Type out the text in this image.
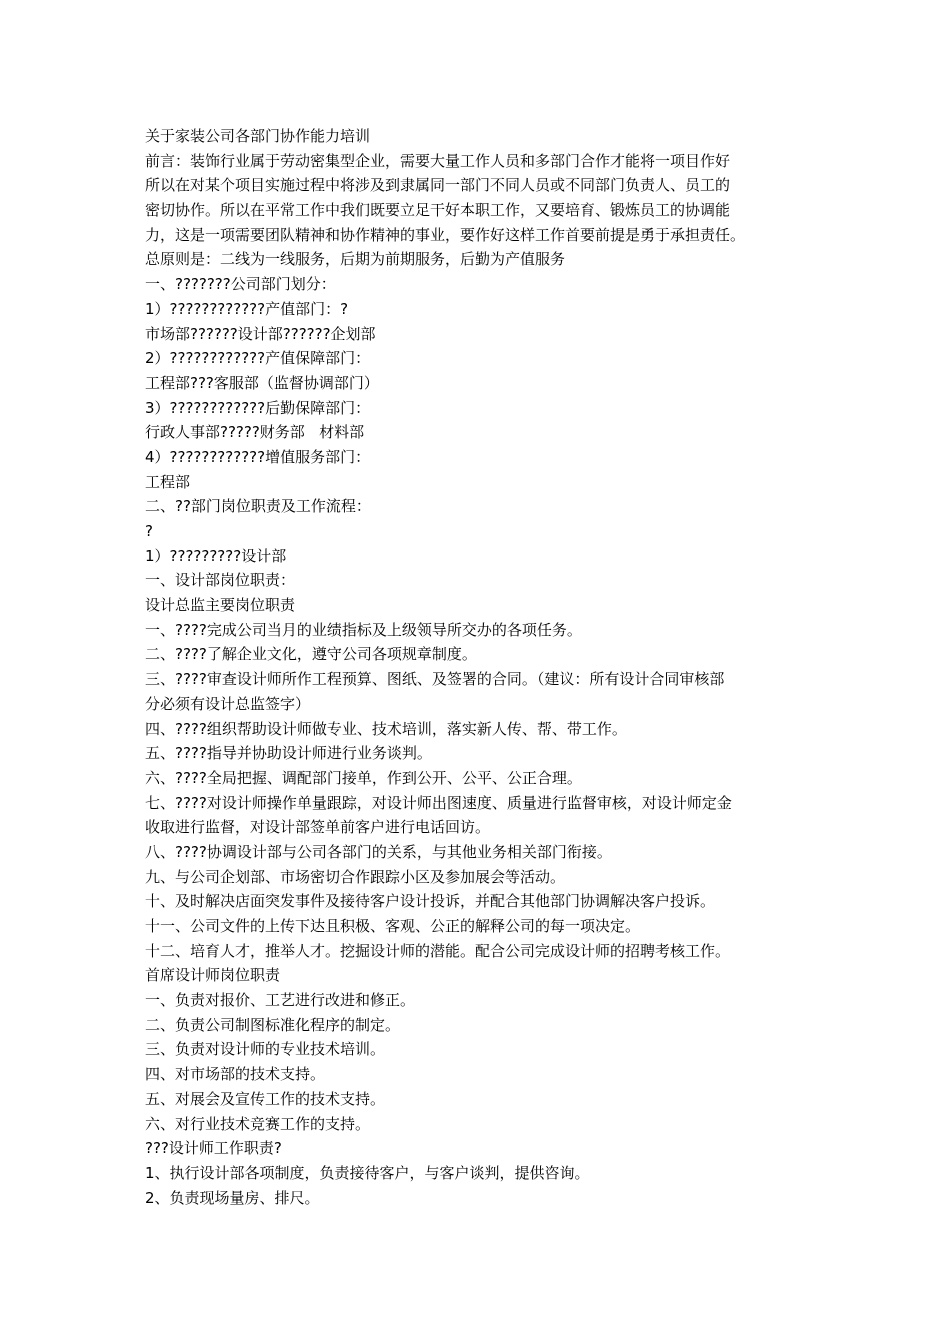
关于家装公司各部门协作能力培训

前言：装饰行业属于劳动密集型企业，需要大量工作人员和多部门合作才能将一项目作好

所以在对某个项目实施过程中将涉及到隶属同一部门不同人员或不同部门负责人、员工的

密切协作。所以在平常工作中我们既要立足干好本职工作，又要培育、锻炼员工的协调能

力，这是一项需要团队精神和协作精神的事业，要作好这样工作首要前提是勇于承担责任。

总原则是：二线为一线服务，后期为前期服务，后勤为产值服务

一、???????公司部门划分：

1）????????????产值部门：?

市场部??????设计部??????企划部

2）????????????产值保障部门：

工程部???客服部（监督协调部门）

3）????????????后勤保障部门：

行政人事部?????财务部   材料部

4）????????????增值服务部门：

工程部

二、??部门岗位职责及工作流程：

?

1）?????????设计部

一、设计部岗位职责：

设计总监主要岗位职责

一、????完成公司当月的业绩指标及上级领导所交办的各项任务。

二、????了解企业文化，遵守公司各项规章制度。

三、????审查设计师所作工程预算、图纸、及签署的合同。（建议：所有设计合同审核部

分必须有设计总监签字）

四、????组织帮助设计师做专业、技术培训，落实新人传、帮、带工作。

五、????指导并协助设计师进行业务谈判。

六、????全局把握、调配部门接单，作到公开、公平、公正合理。

七、????对设计师操作单量跟踪，对设计师出图速度、质量进行监督审核，对设计师定金

收取进行监督，对设计部签单前客户进行电话回访。

八、????协调设计部与公司各部门的关系，与其他业务相关部门衔接。

九、与公司企划部、市场密切合作跟踪小区及参加展会等活动。

十、及时解决店面突发事件及接待客户设计投诉，并配合其他部门协调解决客户投诉。

十一、公司文件的上传下达且积极、客观、公正的解释公司的每一项决定。

十二、培育人才，推举人才。挖掘设计师的潜能。配合公司完成设计师的招聘考核工作。

首席设计师岗位职责

一、负责对报价、工艺进行改进和修正。

二、负责公司制图标准化程序的制定。

三、负责对设计师的专业技术培训。

四、对市场部的技术支持。

五、对展会及宣传工作的技术支持。

六、对行业技术竞赛工作的支持。

???设计师工作职责?

1、执行设计部各项制度，负责接待客户，与客户谈判，提供咨询。

2、负责现场量房、排尺。
